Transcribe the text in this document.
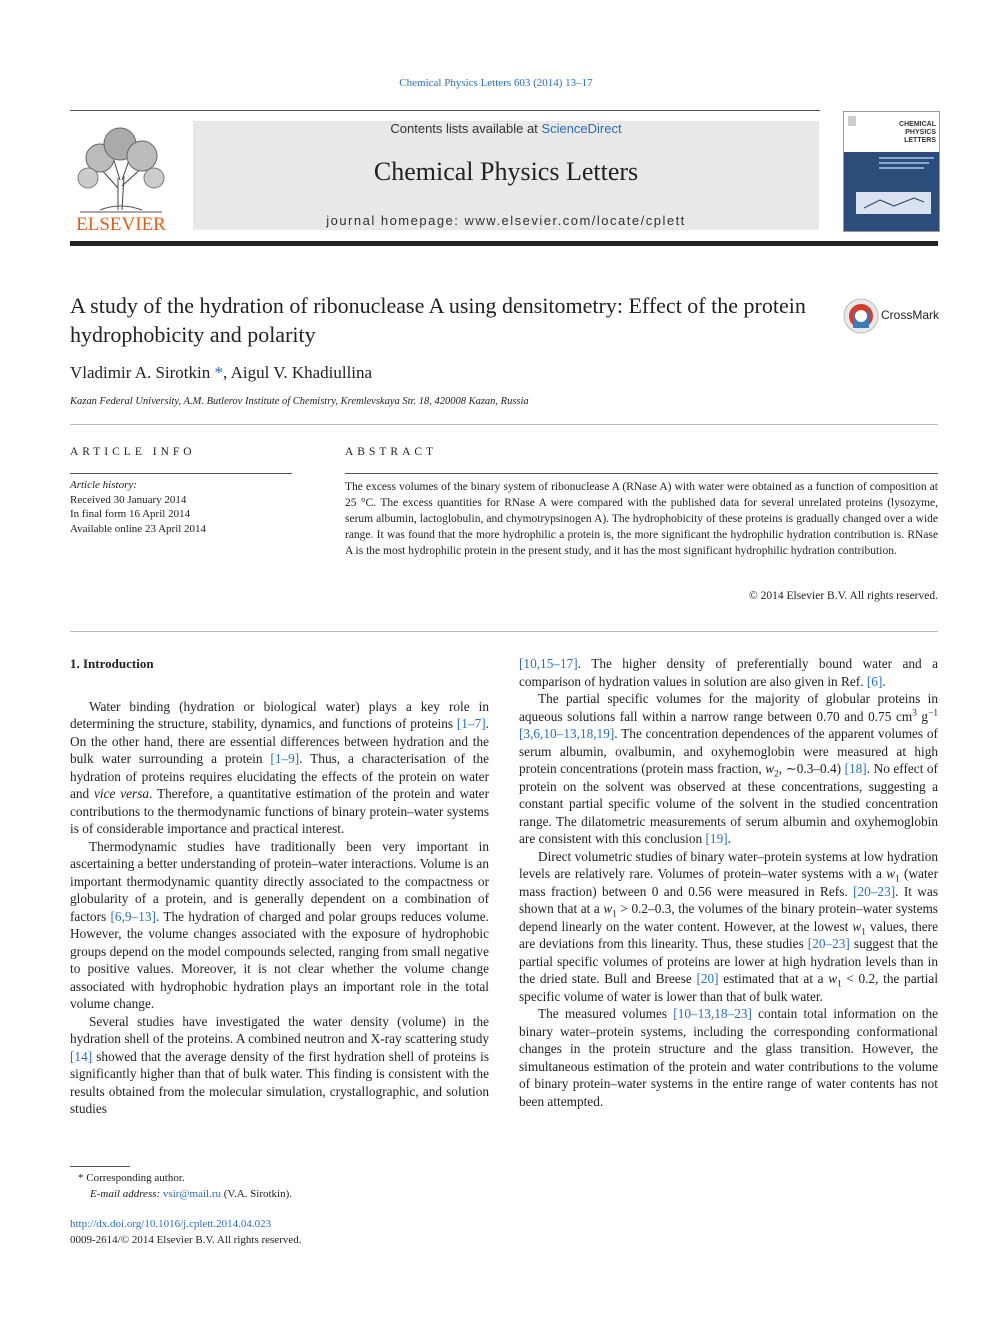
Chemical Physics Letters 603 (2014) 13–17
ELSEVIER
Contents lists available at ScienceDirect
Chemical Physics Letters
journal homepage: www.elsevier.com/locate/cplett
CHEMICAL PHYSICS LETTERS
A study of the hydration of ribonuclease A using densitometry: Effect of the protein hydrophobicity and polarity
CrossMark
Vladimir A. Sirotkin *, Aigul V. Khadiullina
Kazan Federal University, A.M. Butlerov Institute of Chemistry, Kremlevskaya Str. 18, 420008 Kazan, Russia
ARTICLE INFO
Article history:
Received 30 January 2014
In final form 16 April 2014
Available online 23 April 2014
ABSTRACT
The excess volumes of the binary system of ribonuclease A (RNase A) with water were obtained as a function of composition at 25 °C. The excess quantities for RNase A were compared with the published data for several unrelated proteins (lysozyme, serum albumin, lactoglobulin, and chymotrypsinogen A). The hydrophobicity of these proteins is gradually changed over a wide range. It was found that the more hydrophilic a protein is, the more significant the hydrophilic hydration contribution is. RNase A is the most hydrophilic protein in the present study, and it has the most significant hydrophilic hydration contribution.
© 2014 Elsevier B.V. All rights reserved.

1. Introduction

Water binding (hydration or biological water) plays a key role in determining the structure, stability, dynamics, and functions of proteins [1–7]. On the other hand, there are essential differences between hydration and the bulk water surrounding a protein [1–9]. Thus, a characterisation of the hydration of proteins requires elucidating the effects of the protein on water and vice versa. Therefore, a quantitative estimation of the protein and water contributions to the thermodynamic functions of binary protein–water systems is of considerable importance and practical interest.

Thermodynamic studies have traditionally been very important in ascertaining a better understanding of protein–water interactions. Volume is an important thermodynamic quantity directly associated to the compactness or globularity of a protein, and is generally dependent on a combination of factors [6,9–13]. The hydration of charged and polar groups reduces volume. However, the volume changes associated with the exposure of hydrophobic groups depend on the model compounds selected, ranging from small negative to positive values. Moreover, it is not clear whether the volume change associated with hydrophobic hydration plays an important role in the total volume change.

Several studies have investigated the water density (volume) in the hydration shell of the proteins. A combined neutron and X-ray scattering study [14] showed that the average density of the first hydration shell of proteins is significantly higher than that of bulk water. This finding is consistent with the results obtained from the molecular simulation, crystallographic, and solution studies

[10,15–17]. The higher density of preferentially bound water and a comparison of hydration values in solution are also given in Ref. [6].

The partial specific volumes for the majority of globular proteins in aqueous solutions fall within a narrow range between 0.70 and 0.75 $cm^3$ $g^{-1}$ [3,6,10–13,18,19]. The concentration dependences of the apparent volumes of serum albumin, ovalbumin, and oxyhemoglobin were measured at high protein concentrations (protein mass fraction, $w_2$, ∼0.3–0.4) [18]. No effect of protein on the solvent was observed at these concentrations, suggesting a constant partial specific volume of the solvent in the studied concentration range. The dilatometric measurements of serum albumin and oxyhemoglobin are consistent with this conclusion [19].

Direct volumetric studies of binary water–protein systems at low hydration levels are relatively rare. Volumes of protein–water systems with a $w_1$ (water mass fraction) between 0 and 0.56 were measured in Refs. [20–23]. It was shown that at a $w_1 > 0.2-0.3$, the volumes of the binary protein–water systems depend linearly on the water content. However, at the lowest $w_1$ values, there are deviations from this linearity. Thus, these studies [20–23] suggest that the partial specific volumes of proteins are lower at high hydration levels than in the dried state. Bull and Breese [20] estimated that at a $w_1 < 0.2$, the partial specific volume of water is lower than that of bulk water.

The measured volumes [10–13,18–23] contain total information on the binary water–protein systems, including the corresponding conformational changes in the protein structure and the glass transition. However, the simultaneous estimation of the protein and water contributions to the volume of binary protein–water systems in the entire range of water contents has not been attempted.

* Corresponding author.
E-mail address: vsir@mail.ru (V.A. Sirotkin).
http://dx.doi.org/10.1016/j.cplett.2014.04.023
0009-2614/© 2014 Elsevier B.V. All rights reserved.
